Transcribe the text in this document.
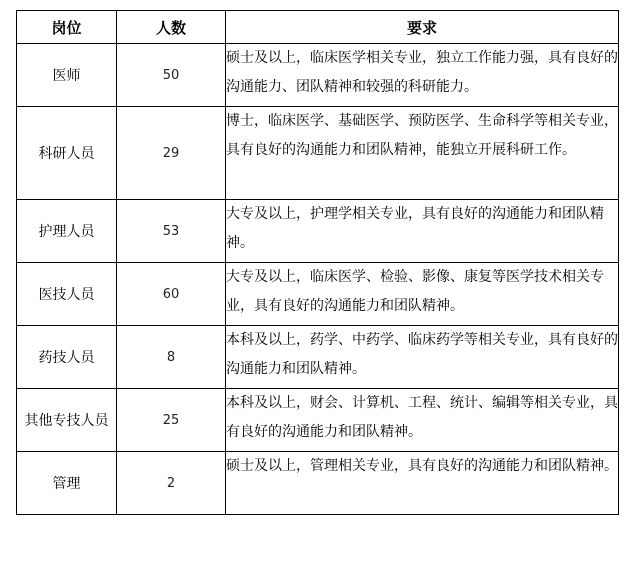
岗位	人数	要求
医师	50	硕士及以上，临床医学相关专业，独立工作能力强，具有良好的沟通能力、团队精神和较强的科研能力。
科研人员	29	博士，临床医学、基础医学、预防医学、生命科学等相关专业，具有良好的沟通能力和团队精神，能独立开展科研工作。
护理人员	53	大专及以上，护理学相关专业，具有良好的沟通能力和团队精神。
医技人员	60	大专及以上，临床医学、检验、影像、康复等医学技术相关专业，具有良好的沟通能力和团队精神。
药技人员	8	本科及以上，药学、中药学、临床药学等相关专业，具有良好的沟通能力和团队精神。
其他专技人员	25	本科及以上，财会、计算机、工程、统计、编辑等相关专业，具有良好的沟通能力和团队精神。
管理	2	硕士及以上，管理相关专业，具有良好的沟通能力和团队精神。
